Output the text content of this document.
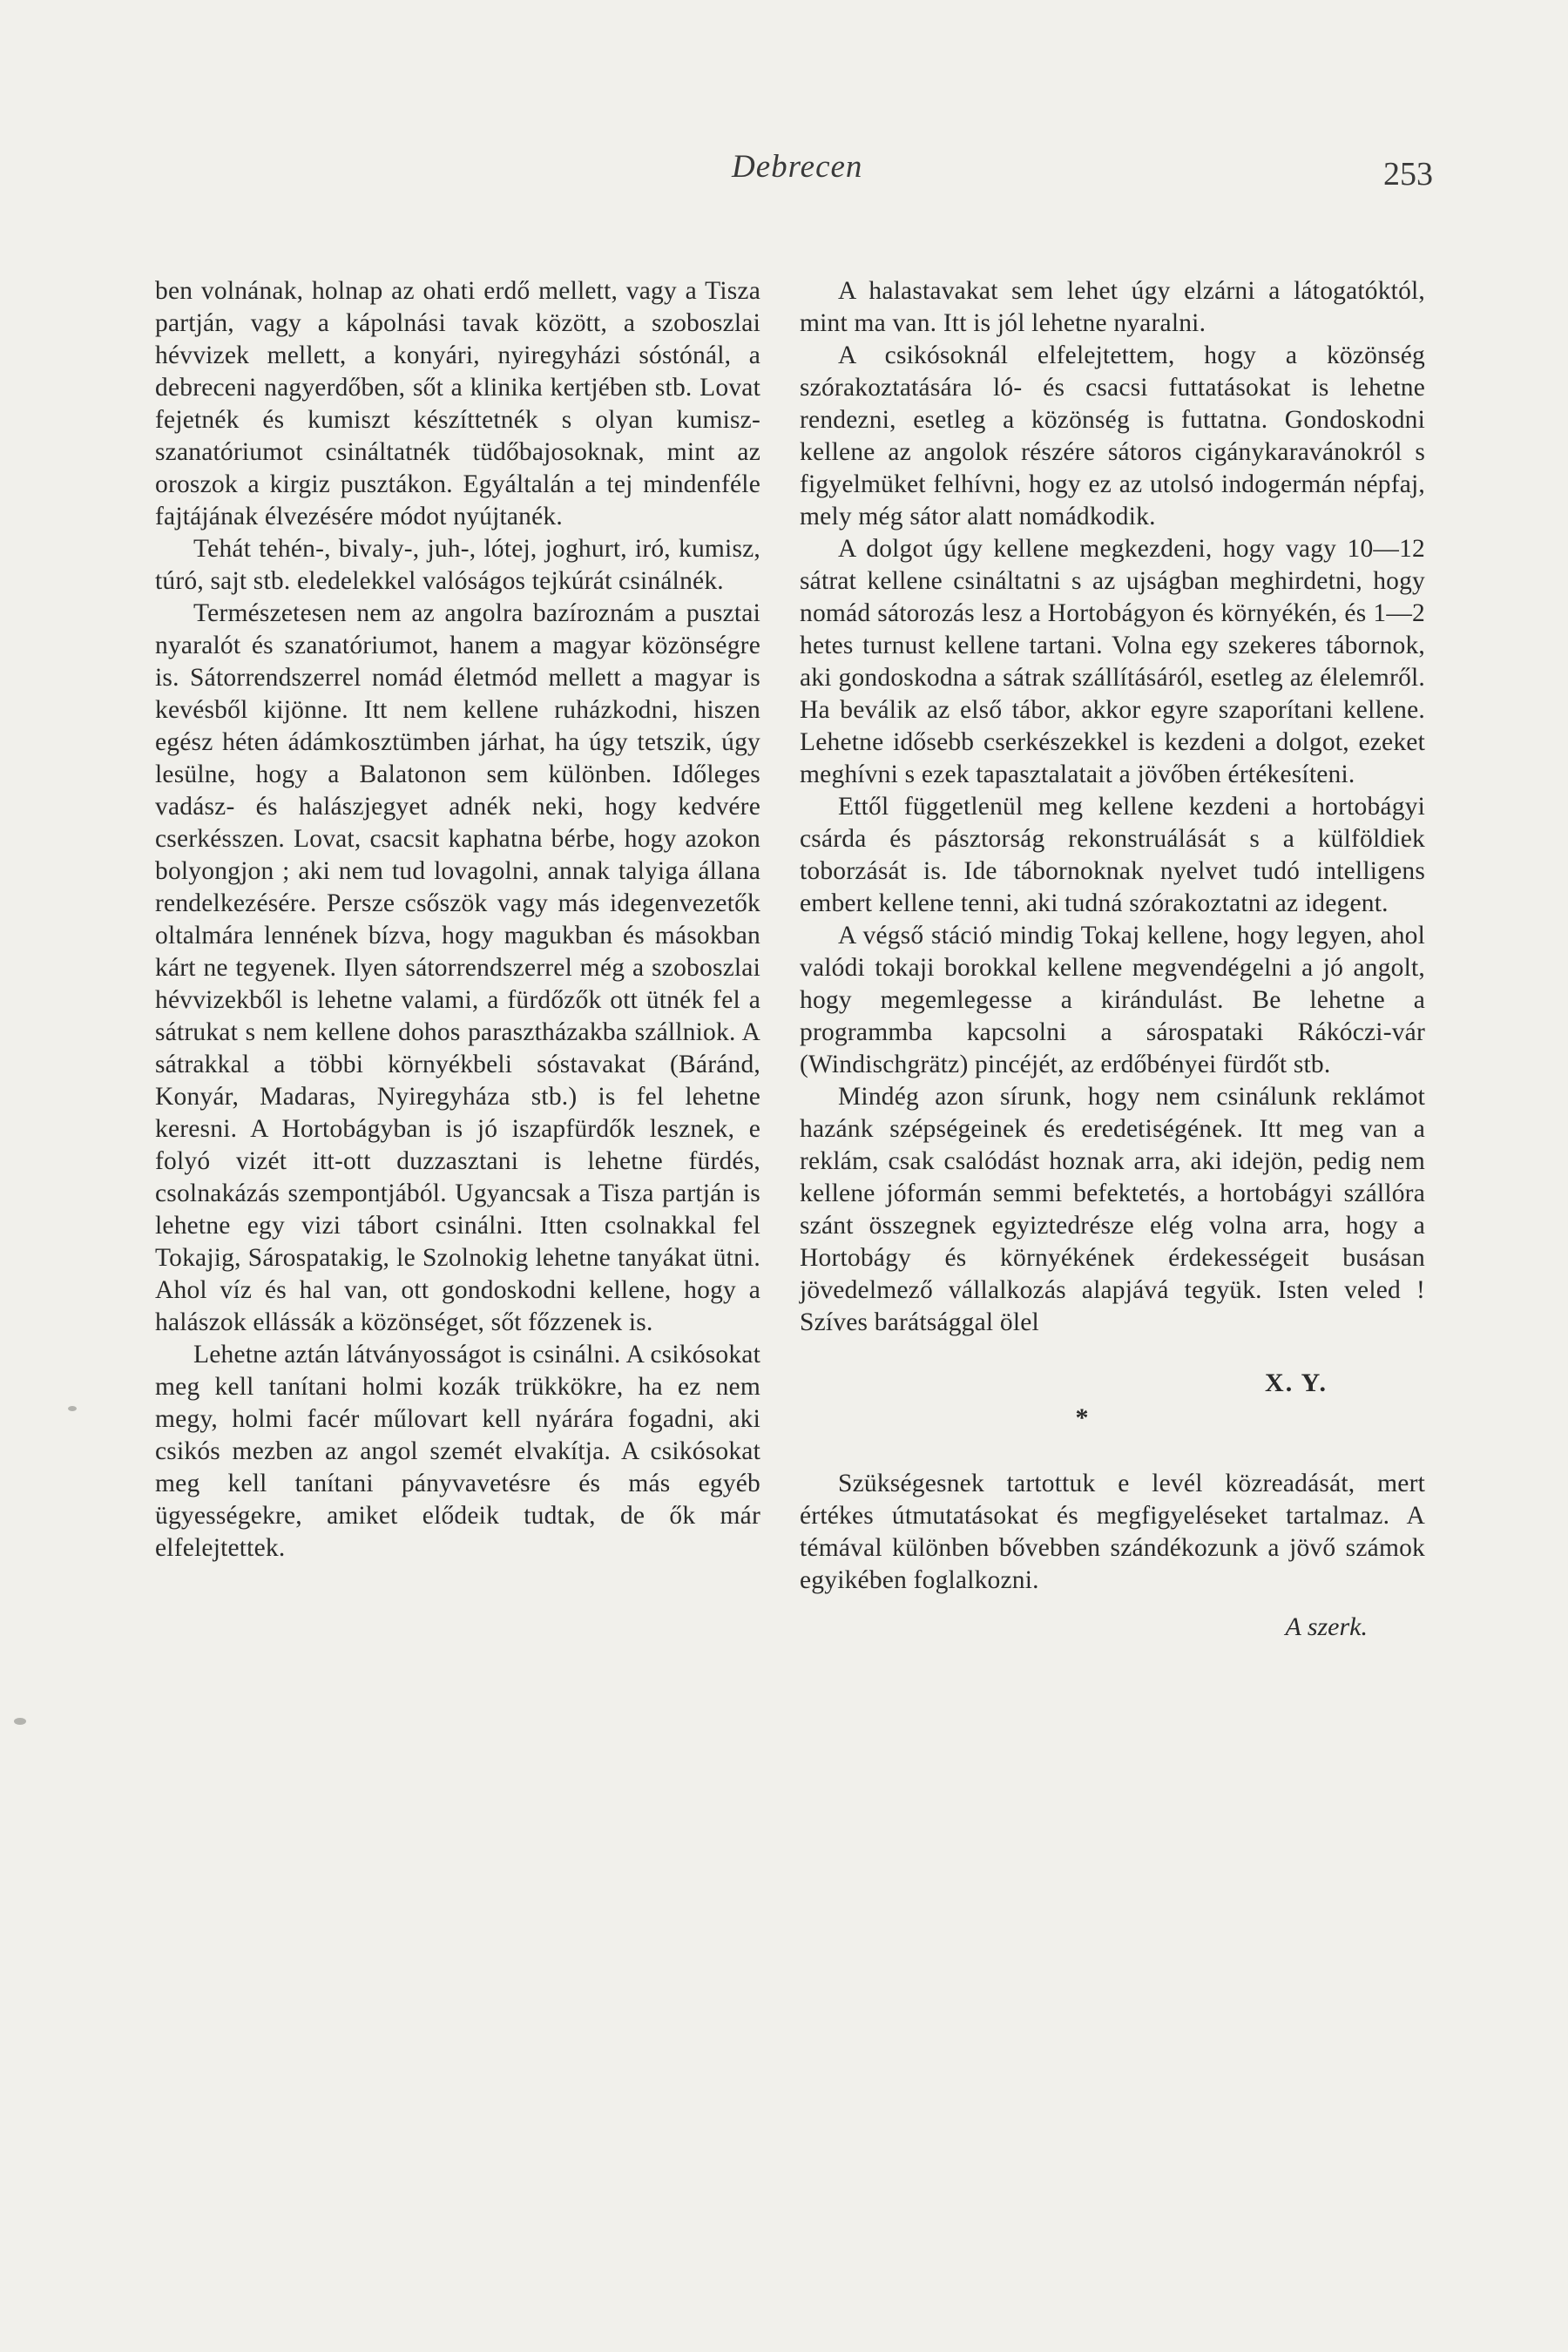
Debrecen	253

ben volnának, holnap az ohati erdő mellett, vagy a Tisza partján, vagy a kápolnási tavak között, a szoboszlai hévvizek mellett, a konyári, nyiregyházi sóstónál, a debreceni nagyerdőben, sőt a klinika kertjében stb. Lovat fejetnék és kumiszt készíttetnék s olyan kumisz-szanatóriumot csináltatnék tüdőbajosoknak, mint az oroszok a kirgiz pusztákon. Egyáltalán a tej mindenféle fajtájának élvezésére módot nyújtanék.

Tehát tehén-, bivaly-, juh-, lótej, joghurt, iró, kumisz, túró, sajt stb. eledelekkel valóságos tejkúrát csinálnék.

Természetesen nem az angolra bazíroznám a pusztai nyaralót és szanatóriumot, hanem a magyar közönségre is. Sátorrendszerrel nomád életmód mellett a magyar is kevésből kijönne. Itt nem kellene ruházkodni, hiszen egész héten ádámkosztümben járhat, ha úgy tetszik, úgy lesülne, hogy a Balatonon sem különben. Időleges vadász- és halászjegyet adnék neki, hogy kedvére cserkésszen. Lovat, csacsit kaphatna bérbe, hogy azokon bolyongjon ; aki nem tud lovagolni, annak talyiga állana rendelkezésére. Persze csőszök vagy más idegenvezetők oltalmára lennének bízva, hogy magukban és másokban kárt ne tegyenek. Ilyen sátorrendszerrel még a szoboszlai hévvizekből is lehetne valami, a fürdőzők ott ütnék fel a sátrukat s nem kellene dohos parasztházakba szállniok. A sátrakkal a többi környékbeli sóstavakat (Báránd, Konyár, Madaras, Nyiregyháza stb.) is fel lehetne keresni. A Hortobágyban is jó iszapfürdők lesznek, e folyó vizét itt-ott duzzasztani is lehetne fürdés, csolnakázás szempontjából. Ugyancsak a Tisza partján is lehetne egy vizi tábort csinálni. Itten csolnakkal fel Tokajig, Sárospatakig, le Szolnokig lehetne tanyákat ütni. Ahol víz és hal van, ott gondoskodni kellene, hogy a halászok ellássák a közönséget, sőt főzzenek is.

Lehetne aztán látványosságot is csinálni. A csikósokat meg kell tanítani holmi kozák trükkökre, ha ez nem megy, holmi facér műlovart kell nyárára fogadni, aki csikós mezben az angol szemét elvakítja. A csikósokat meg kell tanítani pányvavetésre és más egyéb ügyességekre, amiket elődeik tudtak, de ők már elfelejtettek.

A halastavakat sem lehet úgy elzárni a látogatóktól, mint ma van. Itt is jól lehetne nyaralni.

A csikósoknál elfelejtettem, hogy a közönség szórakoztatására ló- és csacsi futtatásokat is lehetne rendezni, esetleg a közönség is futtatna. Gondoskodni kellene az angolok részére sátoros cigánykaravánokról s figyelmüket felhívni, hogy ez az utolsó indogermán népfaj, mely még sátor alatt nomádkodik.

A dolgot úgy kellene megkezdeni, hogy vagy 10—12 sátrat kellene csináltatni s az ujságban meghirdetni, hogy nomád sátorozás lesz a Hortobágyon és környékén, és 1—2 hetes turnust kellene tartani. Volna egy szekeres tábornok, aki gondoskodna a sátrak szállításáról, esetleg az élelemről. Ha beválik az első tábor, akkor egyre szaporítani kellene. Lehetne idősebb cserkészekkel is kezdeni a dolgot, ezeket meghívni s ezek tapasztalatait a jövőben értékesíteni.

Ettől függetlenül meg kellene kezdeni a hortobágyi csárda és pásztorság rekonstruálását s a külföldiek toborzását is. Ide tábornoknak nyelvet tudó intelligens embert kellene tenni, aki tudná szórakoztatni az idegent.

A végső stáció mindig Tokaj kellene, hogy legyen, ahol valódi tokaji borokkal kellene megvendégelni a jó angolt, hogy megemlegesse a kirándulást. Be lehetne a programmba kapcsolni a sárospataki Rákóczi-vár (Windischgrätz) pincéjét, az erdőbényei fürdőt stb.

Mindég azon sírunk, hogy nem csinálunk reklámot hazánk szépségeinek és eredetiségének. Itt meg van a reklám, csak csalódást hoznak arra, aki idejön, pedig nem kellene jóformán semmi befektetés, a hortobágyi szállóra szánt összegnek egyiztedrésze elég volna arra, hogy a Hortobágy és környékének érdekességeit busásan jövedelmező vállalkozás alapjává tegyük. Isten veled ! Szíves barátsággal ölel

X. Y.

*

Szükségesnek tartottuk e levél közreadását, mert értékes útmutatásokat és megfigyeléseket tartalmaz. A témával különben bővebben szándékozunk a jövő számok egyikében foglalkozni.

A szerk.
